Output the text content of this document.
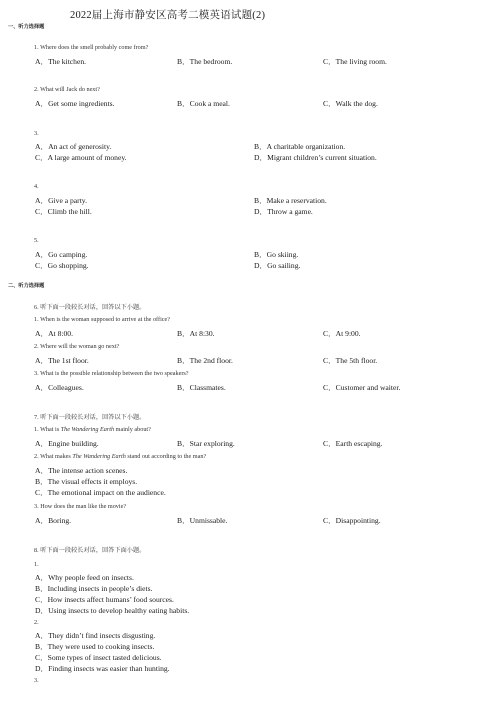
2022届上海市静安区高考二模英语试题(2)
一、听力选择题
1. Where does the smell probably come from?
A．The kitchen.	B．The bedroom.	C．The living room.
2. What will Jack do next?
A．Get some ingredients.	B．Cook a meal.	C．Walk the dog.
3.
A．An act of generosity.	B．A charitable organization.
C．A large amount of money.	D．Migrant children’s current situation.
4.
A．Give a party.	B．Make a reservation.
C．Climb the hill.	D．Throw a game.
5.
A．Go camping.	B．Go skiing.
C．Go shopping.	D．Go sailing.
二、听力选择题
6. 听下面一段较长对话，回答以下小题。
1. When is the woman supposed to arrive at the office?
A．At 8:00.	B．At 8:30.	C．At 9:00.
2. Where will the woman go next?
A．The 1st floor.	B．The 2nd floor.	C．The 5th floor.
3. What is the possible relationship between the two speakers?
A．Colleagues.	B．Classmates.	C．Customer and waiter.
7. 听下面一段较长对话，回答以下小题。
1. What is The Wandering Earth mainly about?
A．Engine building.	B．Star exploring.	C．Earth escaping.
2. What makes The Wandering Earth stand out according to the man?
A．The intense action scenes.
B．The visual effects it employs.
C．The emotional impact on the audience.
3. How does the man like the movie?
A．Boring.	B．Unmissable.	C．Disappointing.
8. 听下面一段较长对话，回答下面小题。
1.
A．Why people feed on insects.
B．Including insects in people’s diets.
C．How insects affect humans’ food sources.
D．Using insects to develop healthy eating habits.
2.
A．They didn’t find insects disgusting.
B．They were used to cooking insects.
C．Some types of insect tasted delicious.
D．Finding insects was easier than hunting.
3.
